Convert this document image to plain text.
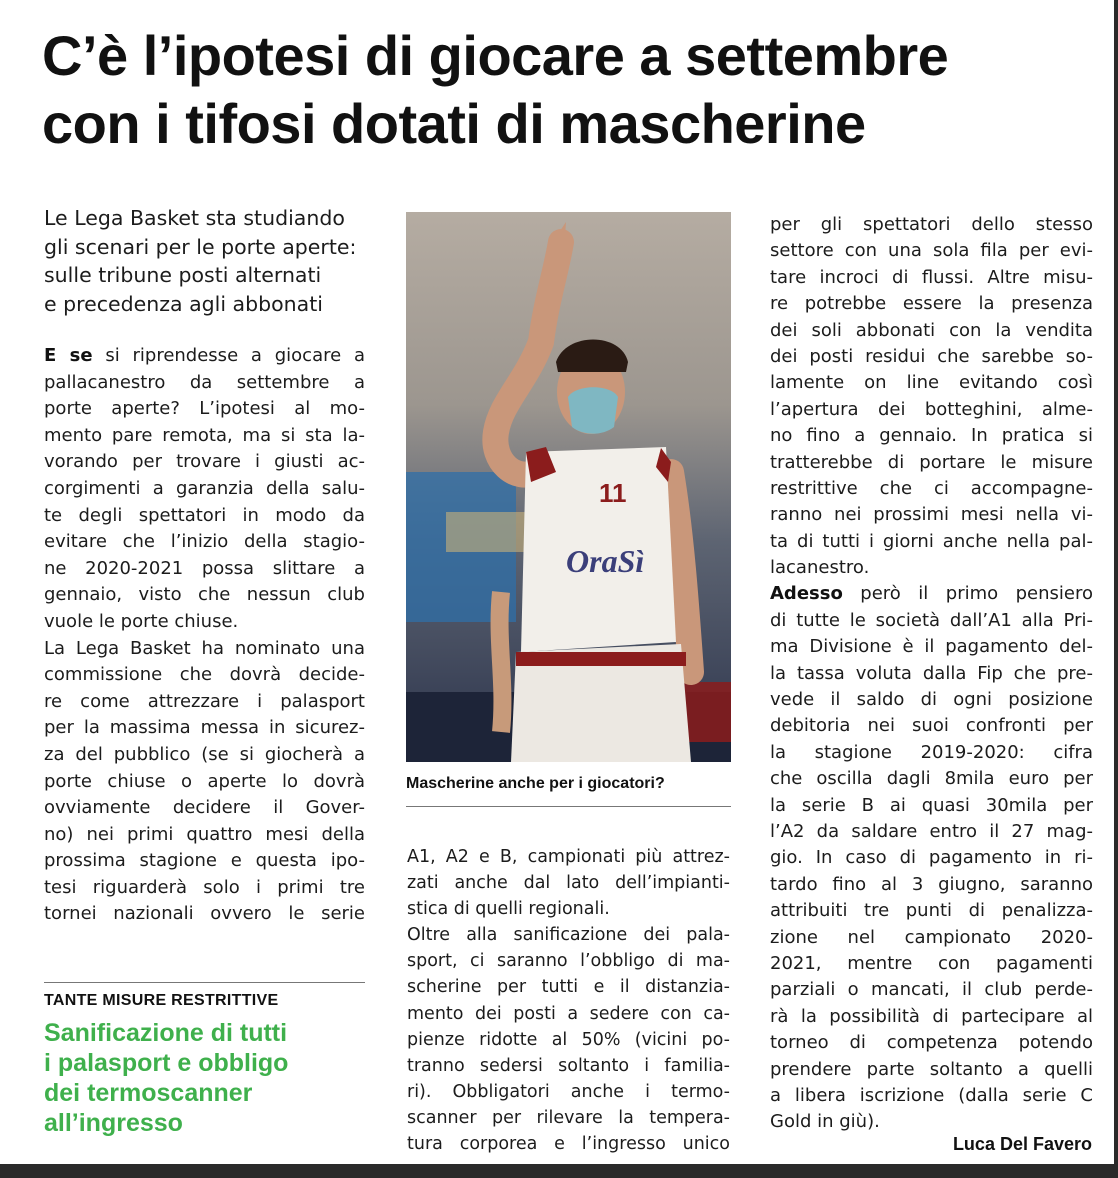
C’è l’ipotesi di giocare a settembre
con i tifosi dotati di mascherine
Le Lega Basket sta studiando
gli scenari per le porte aperte:
sulle tribune posti alternati
e precedenza agli abbonati
E se si riprendesse a giocare a
pallacanestro da settembre a
porte aperte? L’ipotesi al mo-
mento pare remota, ma si sta la-
vorando per trovare i giusti ac-
corgimenti a garanzia della salu-
te degli spettatori in modo da
evitare che l’inizio della stagio-
ne 2020-2021 possa slittare a
gennaio, visto che nessun club
vuole le porte chiuse.
La Lega Basket ha nominato una
commissione che dovrà decide-
re come attrezzare i palasport
per la massima messa in sicurez-
za del pubblico (se si giocherà a
porte chiuse o aperte lo dovrà
ovviamente decidere il Gover-
no) nei primi quattro mesi della
prossima stagione e questa ipo-
tesi riguarderà solo i primi tre
tornei nazionali ovvero le serie
11
OraSì
Mascherine anche per i giocatori?
A1, A2 e B, campionati più attrez-
zati anche dal lato dell’impianti-
stica di quelli regionali.
Oltre alla sanificazione dei pala-
sport, ci saranno l’obbligo di ma-
scherine per tutti e il distanzia-
mento dei posti a sedere con ca-
pienze ridotte al 50% (vicini po-
tranno sedersi soltanto i familia-
ri). Obbligatori anche i termo-
scanner per rilevare la tempera-
tura corporea e l’ingresso unico
per gli spettatori dello stesso
settore con una sola fila per evi-
tare incroci di flussi. Altre misu-
re potrebbe essere la presenza
dei soli abbonati con la vendita
dei posti residui che sarebbe so-
lamente on line evitando così
l’apertura dei botteghini, alme-
no fino a gennaio. In pratica si
tratterebbe di portare le misure
restrittive che ci accompagne-
ranno nei prossimi mesi nella vi-
ta di tutti i giorni anche nella pal-
lacanestro.
Adesso però il primo pensiero
di tutte le società dall’A1 alla Pri-
ma Divisione è il pagamento del-
la tassa voluta dalla Fip che pre-
vede il saldo di ogni posizione
debitoria nei suoi confronti per
la stagione 2019-2020: cifra
che oscilla dagli 8mila euro per
la serie B ai quasi 30mila per
l’A2 da saldare entro il 27 mag-
gio. In caso di pagamento in ri-
tardo fino al 3 giugno, saranno
attribuiti tre punti di penalizza-
zione nel campionato 2020-
2021, mentre con pagamenti
parziali o mancati, il club perde-
rà la possibilità di partecipare al
torneo di competenza potendo
prendere parte soltanto a quelli
a libera iscrizione (dalla serie C
Gold in giù).
TANTE MISURE RESTRITTIVE
Sanificazione di tutti
i palasport e obbligo
dei termoscanner
all’ingresso
Luca Del Favero
